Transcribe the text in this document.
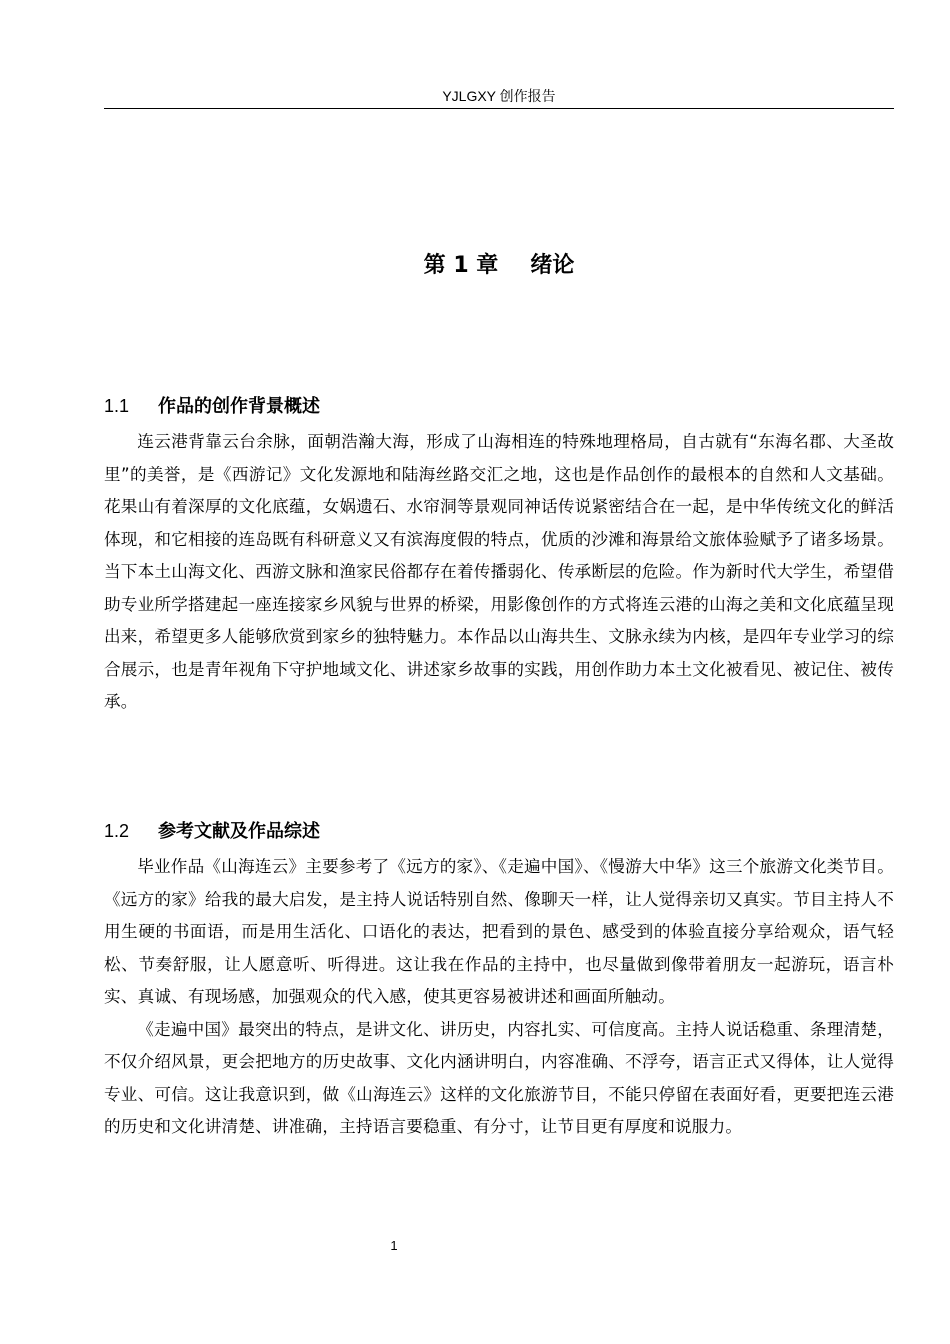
YJLGXY 创作报告
第 1 章 绪论
1.1 作品的创作背景概述

连云港背靠云台余脉，面朝浩瀚大海，形成了山海相连的特殊地理格局，自古就有“东海名郡、大圣故里”的美誉，是《西游记》文化发源地和陆海丝路交汇之地，这也是作品创作的最根本的自然和人文基础。花果山有着深厚的文化底蕴，女娲遗石、水帘洞等景观同神话传说紧密结合在一起，是中华传统文化的鲜活体现，和它相接的连岛既有科研意义又有滨海度假的特点，优质的沙滩和海景给文旅体验赋予了诸多场景。当下本土山海文化、西游文脉和渔家民俗都存在着传播弱化、传承断层的危险。作为新时代大学生，希望借助专业所学搭建起一座连接家乡风貌与世界的桥梁，用影像创作的方式将连云港的山海之美和文化底蕴呈现出来，希望更多人能够欣赏到家乡的独特魅力。本作品以山海共生、文脉永续为内核，是四年专业学习的综合展示，也是青年视角下守护地域文化、讲述家乡故事的实践，用创作助力本土文化被看见、被记住、被传承。

1.2 参考文献及作品综述

毕业作品《山海连云》主要参考了《远方的家》、《走遍中国》、《慢游大中华》这三个旅游文化类节目。《远方的家》给我的最大启发，是主持人说话特别自然、像聊天一样，让人觉得亲切又真实。节目主持人不用生硬的书面语，而是用生活化、口语化的表达，把看到的景色、感受到的体验直接分享给观众，语气轻松、节奏舒服，让人愿意听、听得进。这让我在作品的主持中，也尽量做到像带着朋友一起游玩，语言朴实、真诚、有现场感，加强观众的代入感，使其更容易被讲述和画面所触动。

《走遍中国》最突出的特点，是讲文化、讲历史，内容扎实、可信度高。主持人说话稳重、条理清楚，不仅介绍风景，更会把地方的历史故事、文化内涵讲明白，内容准确、不浮夸，语言正式又得体，让人觉得专业、可信。这让我意识到，做《山海连云》这样的文化旅游节目，不能只停留在表面好看，更要把连云港的历史和文化讲清楚、讲准确，主持语言要稳重、有分寸，让节目更有厚度和说服力。

1
